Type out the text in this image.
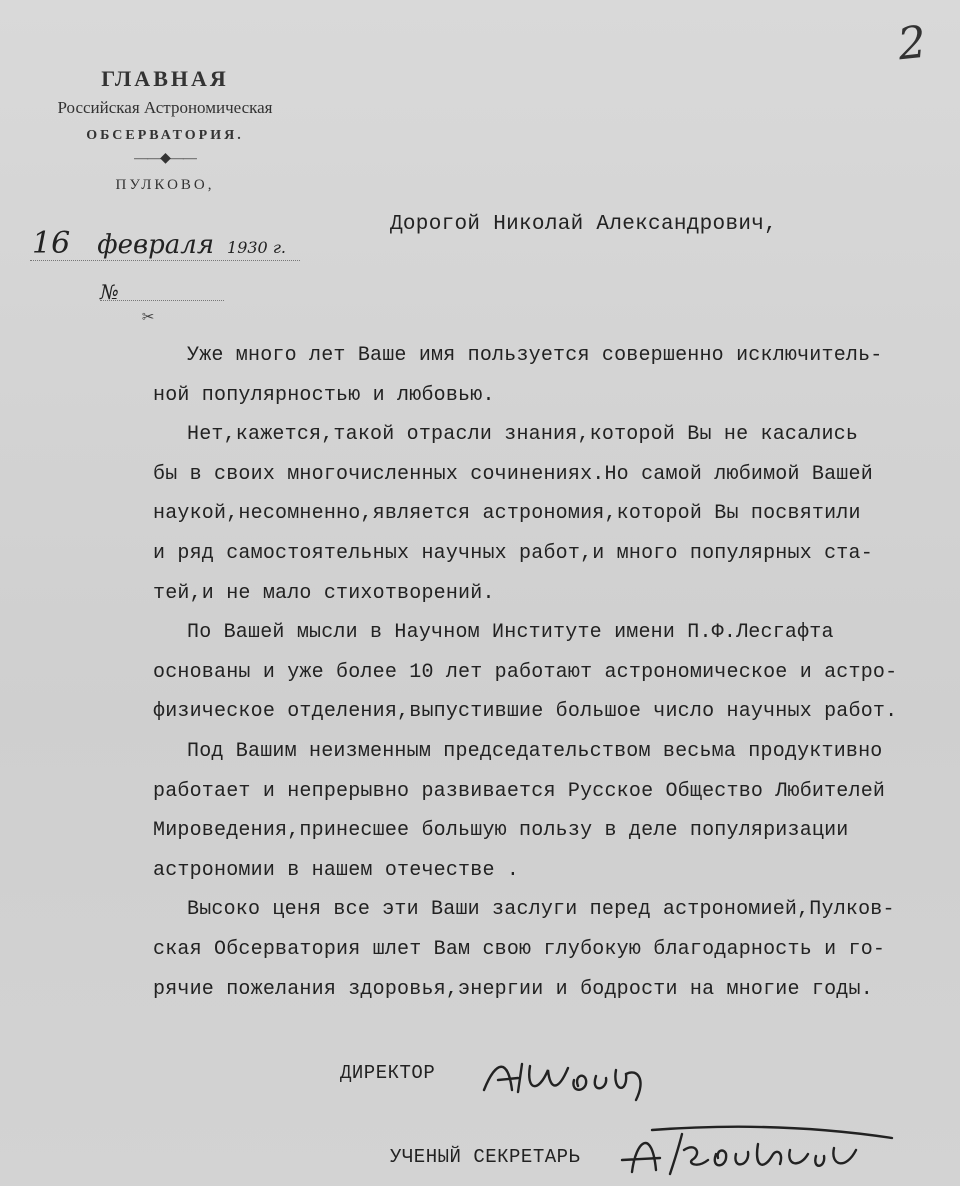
2
ГЛАВНАЯ
Российская Астрономическая
ОБСЕРВАТОРИЯ.
——◆——
ПУЛКОВО,
16 февраля 1930 г.
№
✂
Дорогой Николай Александрович,

Уже много лет Ваше имя пользуется совершенно исключитель-

ной популярностью и любовью.

Нет,кажется,такой отрасли знания,которой Вы не касались

бы в своих многочисленных сочинениях.Но самой любимой Вашей

наукой,несомненно,является астрономия,которой Вы посвятили

и ряд самостоятельных научных работ,и много популярных ста-

тей,и не мало стихотворений.

По Вашей мысли в Научном Институте имени П.Ф.Лесгафта

основаны и уже более 10 лет работают астрономическое и астро-

физическое отделения,выпустившие большое число научных работ.

Под Вашим неизменным председательством весьма продуктивно

работает и непрерывно развивается Русское Общество Любителей

Мироведения,принесшее большую пользу в деле популяризации

астрономии в нашем отечестве .

Высоко ценя все эти Ваши заслуги перед астрономией,Пулков-

ская Обсерватория шлет Вам свою глубокую благодарность и го-

рячие пожелания здоровья,энергии и бодрости на многие годы.

ДИРЕКТОР
УЧЕНЫЙ СЕКРЕТАРЬ
